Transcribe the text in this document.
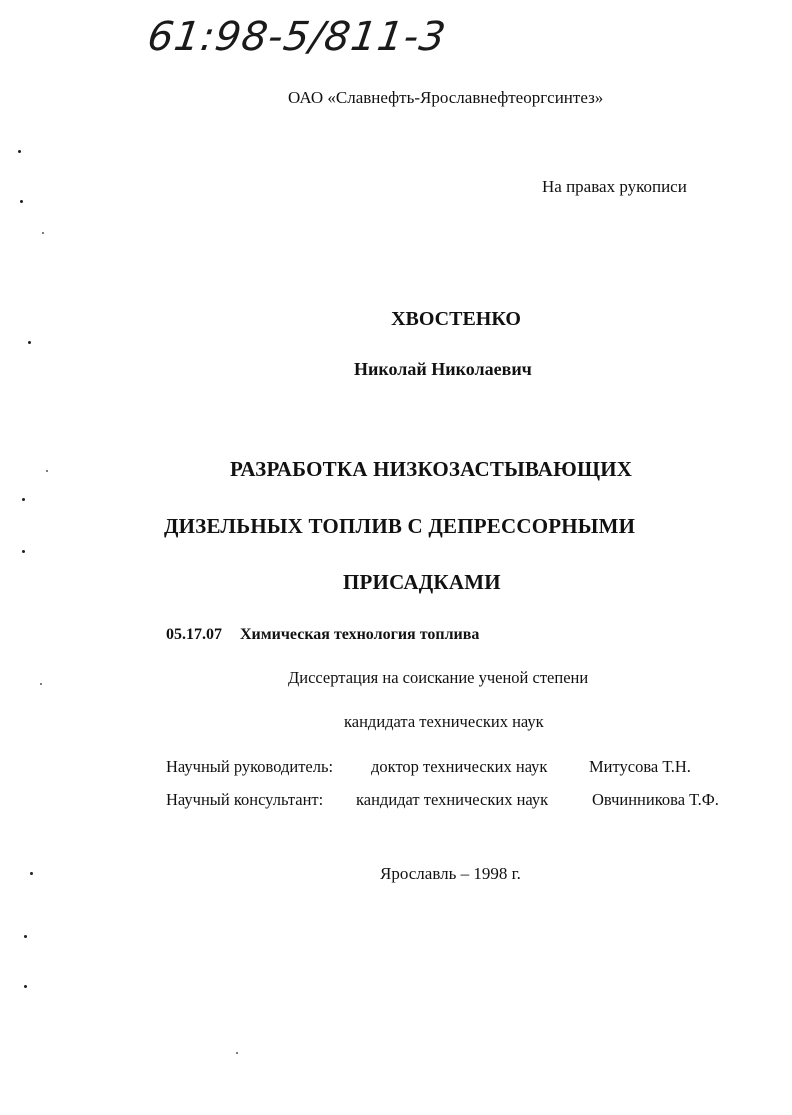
61:98-5/811-3
ОАО «Славнефть-Ярославнефтеоргсинтез»
На правах рукописи
ХВОСТЕНКО
Николай Николаевич
РАЗРАБОТКА НИЗКОЗАСТЫВАЮЩИХ
ДИЗЕЛЬНЫХ ТОПЛИВ С ДЕПРЕССОРНЫМИ
ПРИСАДКАМИ
05.17.07 Химическая технология топлива
Диссертация на соискание ученой степени
кандидата технических наук
Научный руководитель: доктор технических наук	Митусова Т.Н.
Научный консультант: кандидат технических наук	Овчинникова Т.Ф.
Ярославль – 1998 г.
